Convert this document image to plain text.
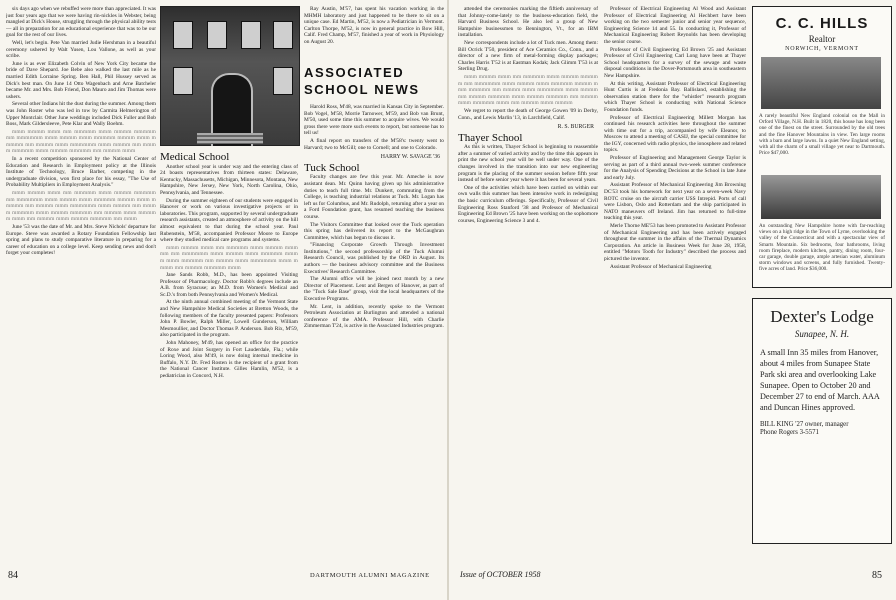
six days ago when we rebuffed were more than appreciated. It was just four years ago that we were having rin-nickles in Webster, being mangled at Dick's House, struggling through the physical ability tests — all in preparation for an educational experience that was to be our goal for the rest of our lives.

Well, let's begin. Pete Van married Judie Hershman in a beautiful ceremony ushered by Walt Yusen, Lou Vallone, as well as your scribe.

June is as ever Elizabeth Colvin of New York City became the bride of Dave Shepard. Joe Bebe also walked the last mile as he married Edith Lorraine Spring. Ben Hall, Phil Hussey served as Dick's best man. On June 14 Otto Wagenbach and Arne Batcheler became Mr. and Mrs. Bob Friend, Don Mauro and Jim Thomas were ushers.

Several other Indians hit the dust during the summer. Among them was John Roster who was led in tow by Carmita Helmerington of Upper Montclair. Other June weddings included Dick Fuller and Bob Boss, Mark Gildersleeve, Pete Klar and Wally Boehm.

mmm mmmm mmm mm mmmmm mmm mmmm mmmmm mm mmmmmm mmm mmmm mmm mmmmm mmmm mmm mmmmm mm mmmm mmm mmmmmm mmm mmmm mm mmmm mmmmm mmm mmmm mmmmm mm mmmm mmm

In a recent competition sponsored by the National Center of Education and Research in Employment policy at the Illinois Institute of Technology, Bruce Barber, competing in the undergraduate division, won first place for his essay, "The Use of Probability Multipliers in Employment Analysis."

mmm mmmm mmm mm mmmmm mmm mmmm mmmmm mm mmmmmm mmm mmmm mmm mmmmm mmmm mmm mmmmm mm mmmm mmm mmmmmm mmm mmmm mm mmmm mmmmm mmm mmmm mmmmm mm mmmm mmm mmmmm mmm mm mmmm mmm mmmm mmmmm mm mmm

June '53 was the date of Mr. and Mrs. Steve Nichols' departure for Europe. Steve was awarded a Rotary Foundation Fellowship last spring and plans to study comparative literature in preparing for a career of education on a college level. Keep sending news and don't forget your completes!

Medical School

Another school year is under way and the entering class of 24 boasts representatives from thirteen states: Delaware, Kentucky, Massachusetts, Michigan, Minnesota, Montana, New Hampshire, New Jersey, New York, North Carolina, Ohio, Pennsylvania, and Tennessee.

During the summer eighteen of our students were engaged in Hanover or work on various investigative projects or in laboratories. This program, supported by several undergraduate research assistants, created an atmosphere of activity on the hill almost equivalent to that during the school year. Paul Rubenstein, M'58, accompanied Professor Moore to Europe where they studied medical care programs and systems.

mmm mmmm mmm mm mmmmm mmm mmmm mmmmm mm mmmmmm mmm mmmm mmm mmmmm mmmm mmm mmmmm mm mmmm mmm mmmmmm mmm mmmm mm mmmm mmmmm mmm

Jane Sands Robb, M.D., has been appointed Visiting Professor of Pharmacology. Doctor Robb's degrees include an A.B. from Syracuse; an M.D. from Women's Medical and Sc.D.'s from both Pennsylvania and Women's Medical.

At the ninth annual combined meeting of the Vermont State and New Hampshire Medical Societies at Bretton Woods, the following members of the faculty presented papers: Professors John P. Bowler, Ralph Miller, Lowell Gunderson, William Mesmoullier, and Doctor Thomas P. Anderson. Bob Rix, M'59, also participated in the program.

John Mahoney, M'49, has opened an office for the practice of Roxe and Joint Surgery in Fort Lauderdale, Fla.; while Loring Wood, also M'49, is now doing internal medicine in Buffalo, N.Y. Dr. Fred Rosten is the recipient of a grant from the National Cancer Institute. Gilles Hamlin, M'52, is a pediatrician in Concord, N.H.

Ray Austin, M'57, has spent his vacation working in the MHMH laboratory and just happened to be there to sit on a unique case. Ed Martin, M'52, is now a Pediatrician in Vermont. Carlton Thorpe, M'52, is now in general practice in Bow Hill, Calif. Fred Champ, M'57, finished a year of work in Physiology on August 20.

ASSOCIATED
SCHOOL NEWS

Harold Ross, M'48, was married in Kansas City in September. Bob Vogel, M'58, Morrie Tarnower, M'59, and Bob van Brunt, M'50, used some time this summer to acquire wives. We would gross there were more such events to report, but someone has to tell us!

A final report on transfers of the M'58's: twenty went to Harvard; two to McGill; one to Cornell; and one to Colorado.

HARRY W. SAVAGE '36
Tuck School

Faculty changes are few this year. Mr. Ameche is now assistant dean. Mr. Quinn having given up his administrative duties to teach full time. Mr. Dunkert, commuting from the College, is teaching industrial relations at Tuck. Mr. Logan has left us for Columbus, and Mr. Rudolph, returning after a year on a Ford Foundation grant, has resumed teaching the business course.

The Visitors Committee that looked over the Tuck operation this spring has delivered its report to the McGaughran Committee, which has begun to discuss it.

"Financing Corporate Growth Through Investment Institutions," the second professorship of the Tuck Alumni Research Council, was published by the ORD in August. Its authors — the business advisory committee and the Business Executives' Research Committee.

The Alumni office will be joined next month by a new Director of Placement. Lent and Bergen of Hanover, as part of the "Tuck Sale Base" group, visit the local headquarters of the Executive Programs.

Mr. Lent, in addition, recently spoke to the Vermont Petroleum Association at Burlington and attended a national conference of the AMA. Professor Hill, with Charlie Zimmerman T'24, is active in the Associated Industries program.

84	DARTMOUTH ALUMNI MAGAZINE

attended the ceremonies marking the fiftieth anniversary of that Johnny-come-lately to the business-education field, the Harvard Business School. He also led a group of New Hampshire businessmen to Bennington, Vt., for an IBM installation.

New correspondents include a lot of Tuck men. Among them: Bill Ocrick T'50, president of Ace Ceramics Co., Conn., and a director of a new firm of metal-forming display packages; Charles Harris T'52 is at Eastman Kodak; Jack Glimm T'53 is at Sterling Drug.

mmm mmmm mmm mm mmmmm mmm mmmm mmmmm mm mmmmmm mmm mmmm mmm mmmmm mmmm mmm mmmmm mm mmmm mmm mmmmmm mmm mmmm mm mmmm mmmmm mmm mmmm mmmmm mm mmmm mmm mmmmm mmm mm mmmm mmm mmmm

We regret to report the death of George Gowen '09 in Derby, Conn., and Lewis Marlin '13, in Larchfield, Calif.

R. S. BURGER
Thayer School

As this is written, Thayer School is beginning to reassemble after a summer of varied activity and by the time this appears in print the new school year will be well under way. One of the changes involved in the transition into our new engineering program is the placing of the summer session before fifth year instead of before senior year where it has been for several years.

One of the activities which have been carried on within our own walls this summer has been intensive work in redesigning the basic curriculum offerings. Specifically, Professor of Civil Engineering Ross Stanford '38 and Professor of Mechanical Engineering Ed Brown '25 have been working on the sophomore courses, Engineering Science 3 and 4.

Professor of Electrical Engineering Al Wood and Assistant Professor of Electrical Engineering Al Hechbert have been working on the two semester junior and senior year sequence, Engineering Science 14 and 55. In conducting it, Professor of Mechanical Engineering Robert Reynolds has been developing the senior course.

Professor of Civil Engineering Ed Brown '25 and Assistant Professor of Civil Engineering Carl Long have been at Thayer School headquarters for a survey of the sewage and waste disposal conditions in the Dover-Portsmouth area in southeastern New Hampshire.

At this writing, Assistant Professor of Electrical Engineering Hunt Curtis is at Fredonia Bay. Ballisland, establishing the observation station there for the "whistler" research program which Thayer School is conducting with National Science Foundation funds.

Professor of Electrical Engineering Millett Morgan has continued his research activities here throughout the summer with time out for a trip, accompanied by wife Eleanor, to Moscow to attend a meeting of CASIJ, the special committee for the IGY, concerned with radio physics, the ionosphere and related topics.

Professor of Engineering and Management George Taylor is serving as part of a third annual two-week summer conference for the Analysis of Spending Decisions at the School in late June and early July.

Assistant Professor of Mechanical Engineering Jim Browning DC'53 took his homework for next year on a seven-week Navy ROTC cruise on the aircraft carrier USS Intrepid. Ports of call were Lisbon, Oslo and Rotterdam and the ship participated in NATO maneuvers off Ireland. Jim has returned to full-time teaching this year.

Merle Thorne ME'53 has been promoted to Assistant Professor of Mechanical Engineering and has been actively engaged throughout the summer in the affairs of the Thermal Dynamics Corporation. An article in Business Week for June 28, 1958, entitled "Motors Tooth for Industry" described the process and pictured the inventor.

Assistant Professor of Mechanical Engineering

C. C. HILLS
Realtor
NORWICH, VERMONT
A rarely beautiful New England colonial on the Mall in Orford Village, N.H. Built in 1820, this house has long been one of the finest on the street. Surrounded by the old trees and the fine Hanover Mountains in view. Ten large rooms with a barn and large lawns. In a quiet New England setting, with all the charm of a small village yet near to Dartmouth. Price $47,000.
An outstanding New Hampshire home with far-reaching views on a high ridge in the Town of Lyme, overlooking the valley of the Connecticut and with a spectacular view of Smarts Mountain. Six bedrooms, four bathrooms, living room fireplace, modern kitchen, pantry, dining room, four-car garage, double garage, ample artesian water, aluminum storm windows and screens, and fully furnished. Twenty-five acres of land. Price $36,000.
Dexter's Lodge
Sunapee, N. H.
A small Inn 35 miles from Hanover, about 4 miles from Sunapee State Park ski area and overlooking Lake Sunapee. Open to October 20 and December 27 to end of March. AAA and Duncan Hines approved.
BILL KING '27 owner, manager
Phone Rogers 3-5571
Issue of OCTOBER 1958	85
